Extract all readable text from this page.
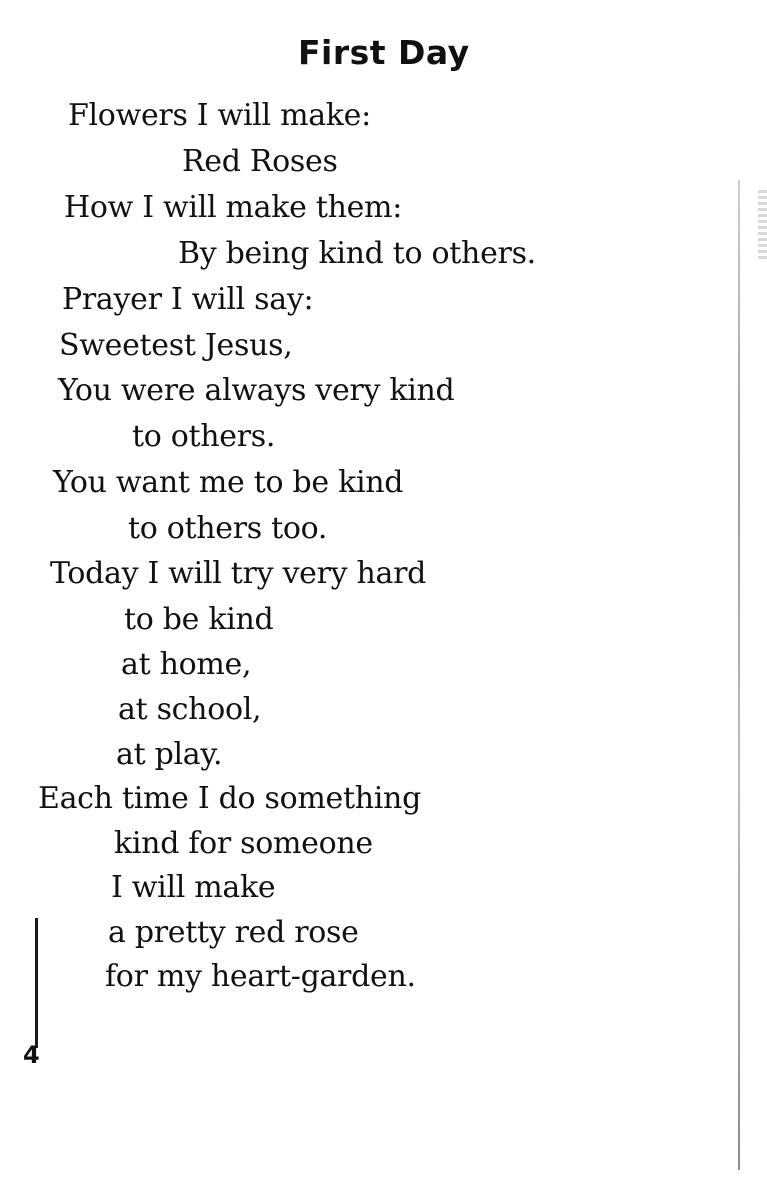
First Day
Flowers I will make:
Red Roses
How I will make them:
By being kind to others.
Prayer I will say:
Sweetest Jesus,
You were always very kind
to others.
You want me to be kind
to others too.
Today I will try very hard
to be kind
at home,
at school,
at play.
Each time I do something
kind for someone
I will make
a pretty red rose
for my heart-garden.
4
